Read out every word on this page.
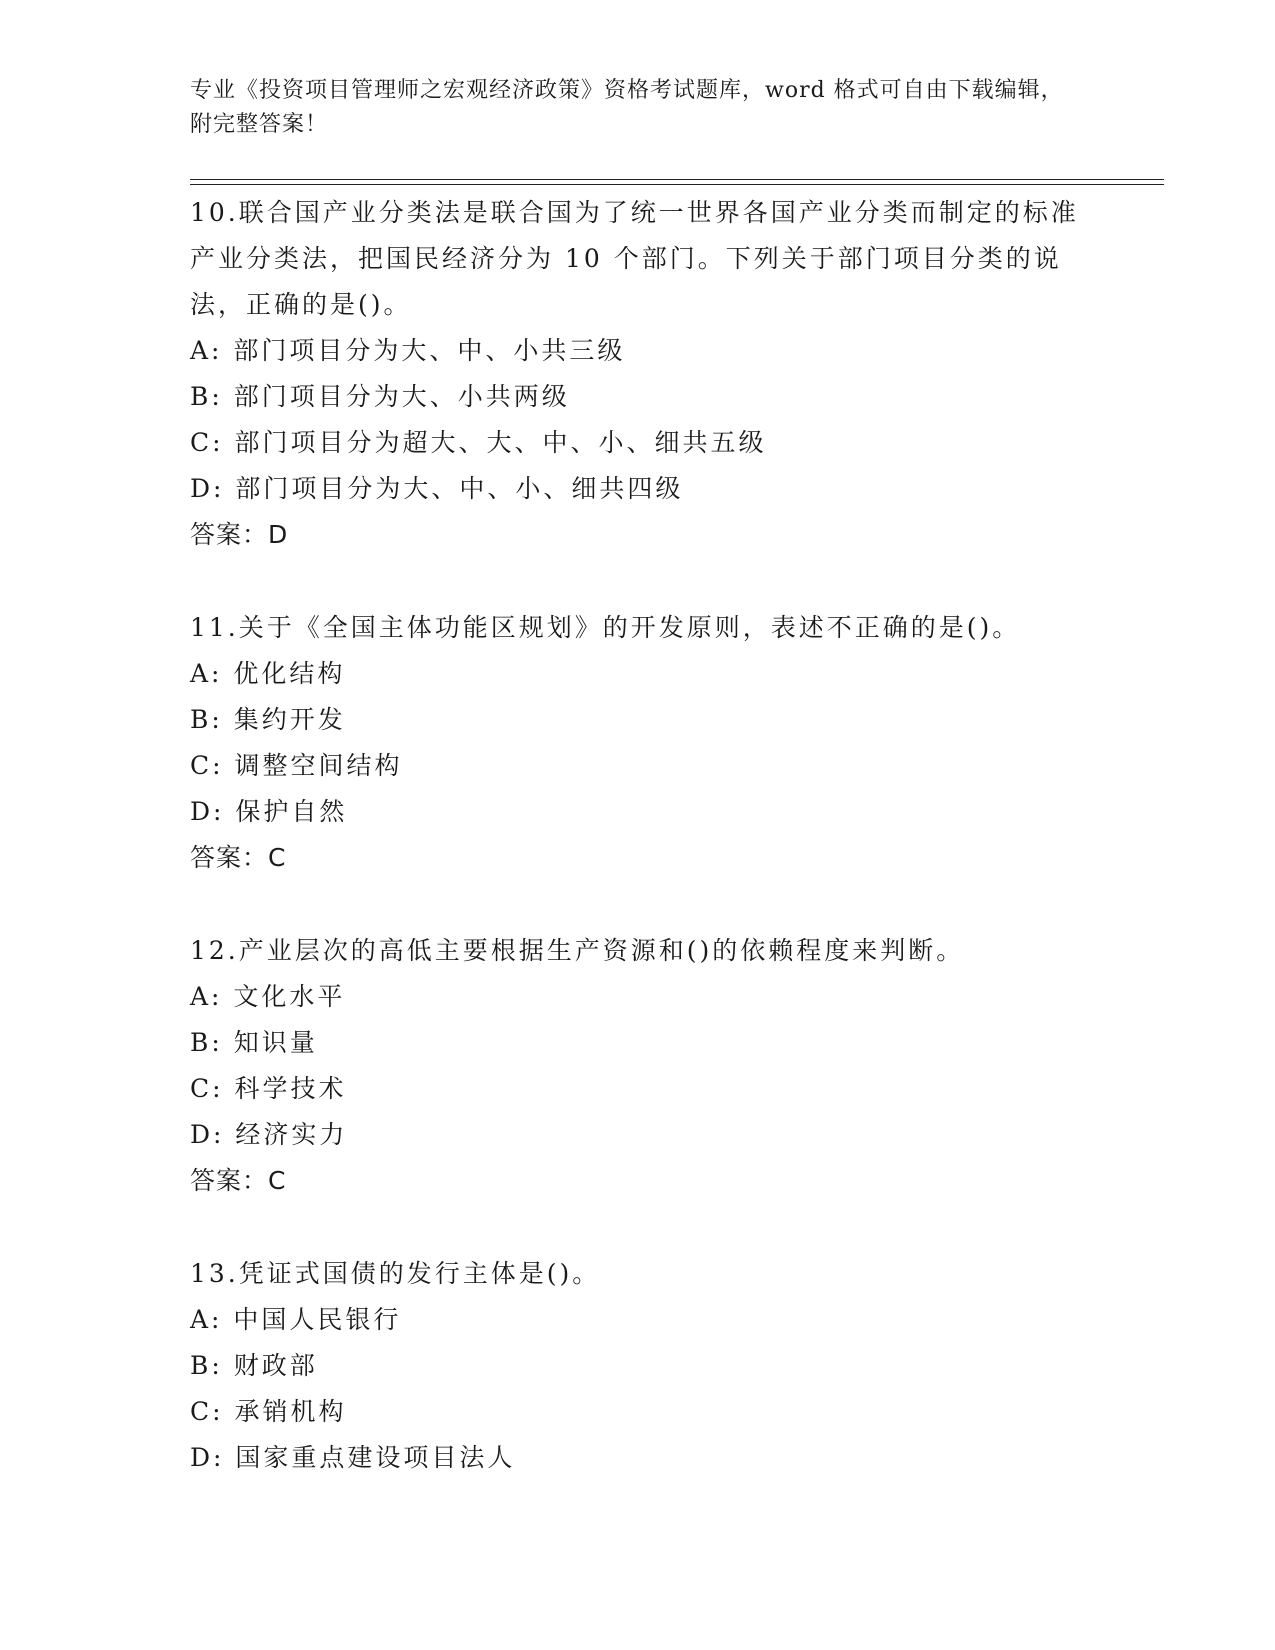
专业《投资项目管理师之宏观经济政策》资格考试题库，word 格式可自由下载编辑，附完整答案！

10.联合国产业分类法是联合国为了统一世界各国产业分类而制定的标准产业分类法，把国民经济分为 10 个部门。下列关于部门项目分类的说法，正确的是()。

A: 部门项目分为大、中、小共三级

B: 部门项目分为大、小共两级

C: 部门项目分为超大、大、中、小、细共五级

D: 部门项目分为大、中、小、细共四级

答案：D

11.关于《全国主体功能区规划》的开发原则，表述不正确的是()。

A: 优化结构

B: 集约开发

C: 调整空间结构

D: 保护自然

答案：C

12.产业层次的高低主要根据生产资源和()的依赖程度来判断。

A: 文化水平

B: 知识量

C: 科学技术

D: 经济实力

答案：C

13.凭证式国债的发行主体是()。

A: 中国人民银行

B: 财政部

C: 承销机构

D: 国家重点建设项目法人
